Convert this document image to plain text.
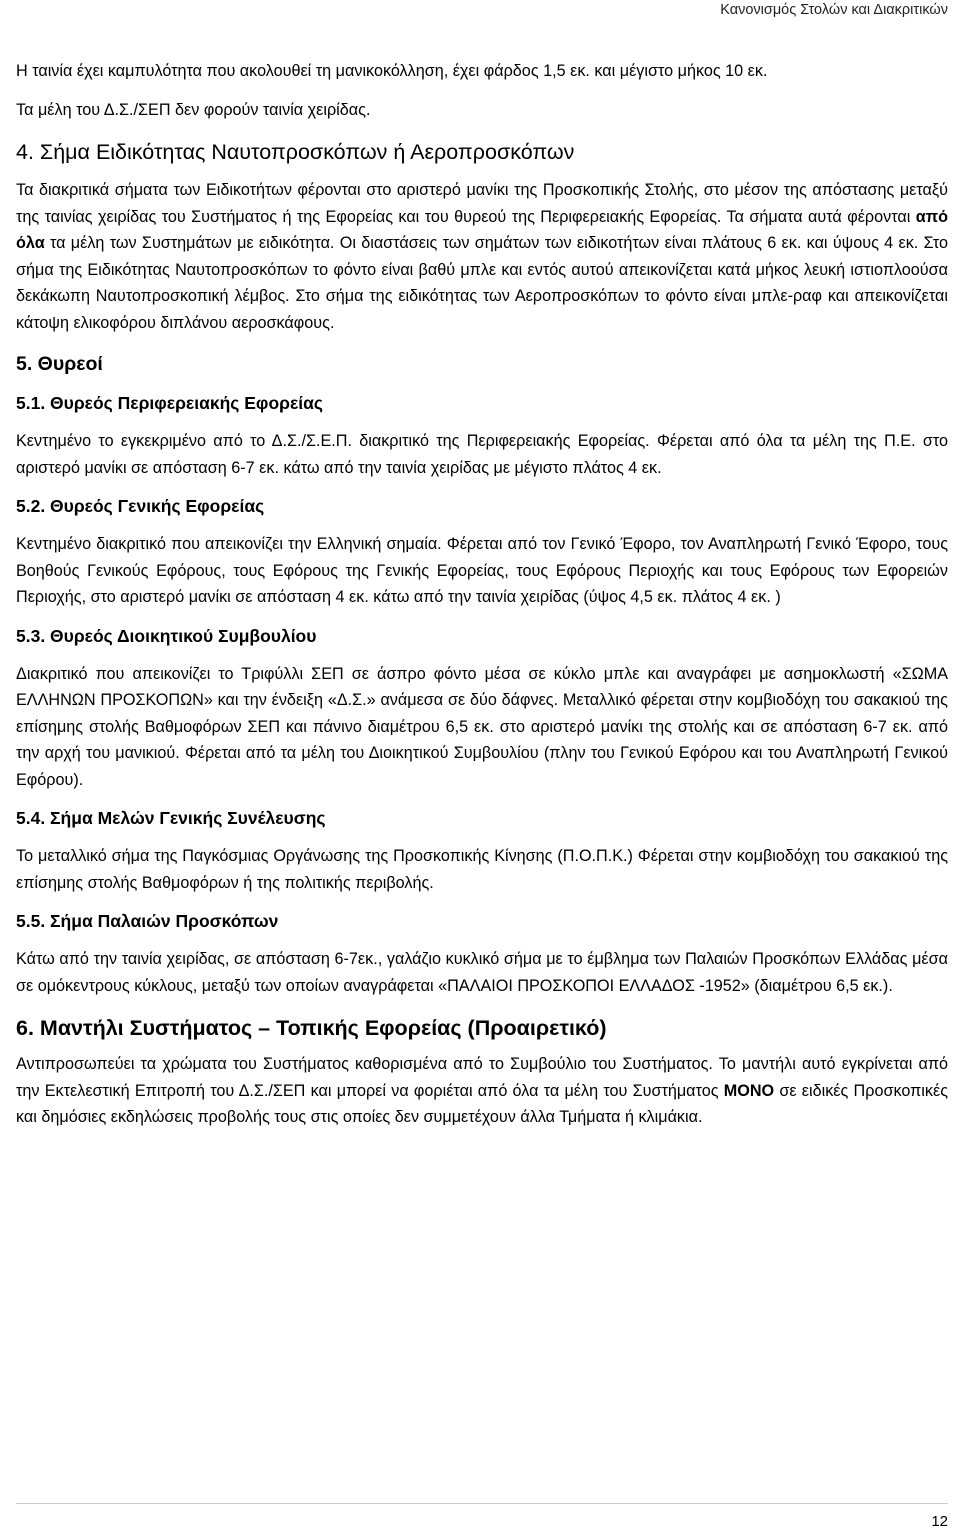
Κανονισμός Στολών και Διακριτικών

Η ταινία έχει καμπυλότητα που ακολουθεί τη μανικοκόλληση, έχει φάρδος 1,5 εκ. και μέγιστο μήκος 10 εκ.

Τα μέλη του Δ.Σ./ΣΕΠ δεν φορούν ταινία χειρίδας.

4. Σήμα Ειδικότητας Ναυτοπροσκόπων ή Αεροπροσκόπων

Τα διακριτικά σήματα των Ειδικοτήτων φέρονται στο αριστερό μανίκι της Προσκοπικής Στολής, στο μέσον της απόστασης μεταξύ της ταινίας χειρίδας του Συστήματος ή της Εφορείας και του θυρεού της Περιφερειακής Εφορείας. Τα σήματα αυτά φέρονται από όλα τα μέλη των Συστημάτων με ειδικότητα. Οι διαστάσεις των σημάτων των ειδικοτήτων είναι πλάτους 6 εκ. και ύψους 4 εκ. Στο σήμα της Ειδικότητας Ναυτοπροσκόπων το φόντο είναι βαθύ μπλε και εντός αυτού απεικονίζεται κατά μήκος λευκή ιστιοπλοούσα δεκάκωπη Ναυτοπροσκοπική λέμβος. Στο σήμα της ειδικότητας των Αεροπροσκόπων το φόντο είναι μπλε-ραφ και απεικονίζεται κάτοψη ελικοφόρου διπλάνου αεροσκάφους.

5. Θυρεοί
5.1. Θυρεός Περιφερειακής Εφορείας

Κεντημένο το εγκεκριμένο από το Δ.Σ./Σ.Ε.Π. διακριτικό της Περιφερειακής Εφορείας. Φέρεται από όλα τα μέλη της Π.Ε. στο αριστερό μανίκι σε απόσταση 6-7 εκ. κάτω από την ταινία χειρίδας με μέγιστο πλάτος 4 εκ.

5.2. Θυρεός Γενικής Εφορείας

Κεντημένο διακριτικό που απεικονίζει την Ελληνική σημαία. Φέρεται από τον Γενικό Έφορο, τον Αναπληρωτή Γενικό Έφορο, τους Βοηθούς Γενικούς Εφόρους, τους Εφόρους της Γενικής Εφορείας, τους Εφόρους Περιοχής και τους Εφόρους των Εφορειών Περιοχής, στο αριστερό μανίκι σε απόσταση 4 εκ. κάτω από την ταινία χειρίδας (ύψος 4,5 εκ. πλάτος 4 εκ. )

5.3. Θυρεός Διοικητικού Συμβουλίου

Διακριτικό που απεικονίζει το Τριφύλλι ΣΕΠ σε άσπρο φόντο μέσα σε κύκλο μπλε και αναγράφει με ασημοκλωστή «ΣΩΜΑ ΕΛΛΗΝΩΝ ΠΡΟΣΚΟΠΩΝ» και την ένδειξη «Δ.Σ.» ανάμεσα σε δύο δάφνες. Μεταλλικό φέρεται στην κομβιοδόχη του σακακιού της επίσημης στολής Βαθμοφόρων ΣΕΠ και πάνινο διαμέτρου 6,5 εκ. στο αριστερό μανίκι της στολής και σε απόσταση 6-7 εκ. από την αρχή του μανικιού. Φέρεται από τα μέλη του Διοικητικού Συμβουλίου (πλην του Γενικού Εφόρου και του Αναπληρωτή Γενικού Εφόρου).

5.4. Σήμα Μελών Γενικής Συνέλευσης

Το μεταλλικό σήμα της Παγκόσμιας Οργάνωσης της Προσκοπικής Κίνησης (Π.Ο.Π.Κ.) Φέρεται στην κομβιοδόχη του σακακιού της επίσημης στολής Βαθμοφόρων ή της πολιτικής περιβολής.

5.5. Σήμα Παλαιών Προσκόπων

Κάτω από την ταινία χειρίδας, σε απόσταση 6-7εκ., γαλάζιο κυκλικό σήμα με το έμβλημα των Παλαιών Προσκόπων Ελλάδας μέσα σε ομόκεντρους κύκλους, μεταξύ των οποίων αναγράφεται «ΠΑΛΑΙΟΙ ΠΡΟΣΚΟΠΟΙ ΕΛΛΑΔΟΣ -1952» (διαμέτρου 6,5 εκ.).

6. Μαντήλι Συστήματος – Τοπικής Εφορείας (Προαιρετικό)

Αντιπροσωπεύει τα χρώματα του Συστήματος καθορισμένα από το Συμβούλιο του Συστήματος. Το μαντήλι αυτό εγκρίνεται από την Εκτελεστική Επιτροπή του Δ.Σ./ΣΕΠ και μπορεί να φοριέται από όλα τα μέλη του Συστήματος ΜΟΝΟ σε ειδικές Προσκοπικές και δημόσιες εκδηλώσεις προβολής τους στις οποίες δεν συμμετέχουν άλλα Τμήματα ή κλιμάκια.

12
